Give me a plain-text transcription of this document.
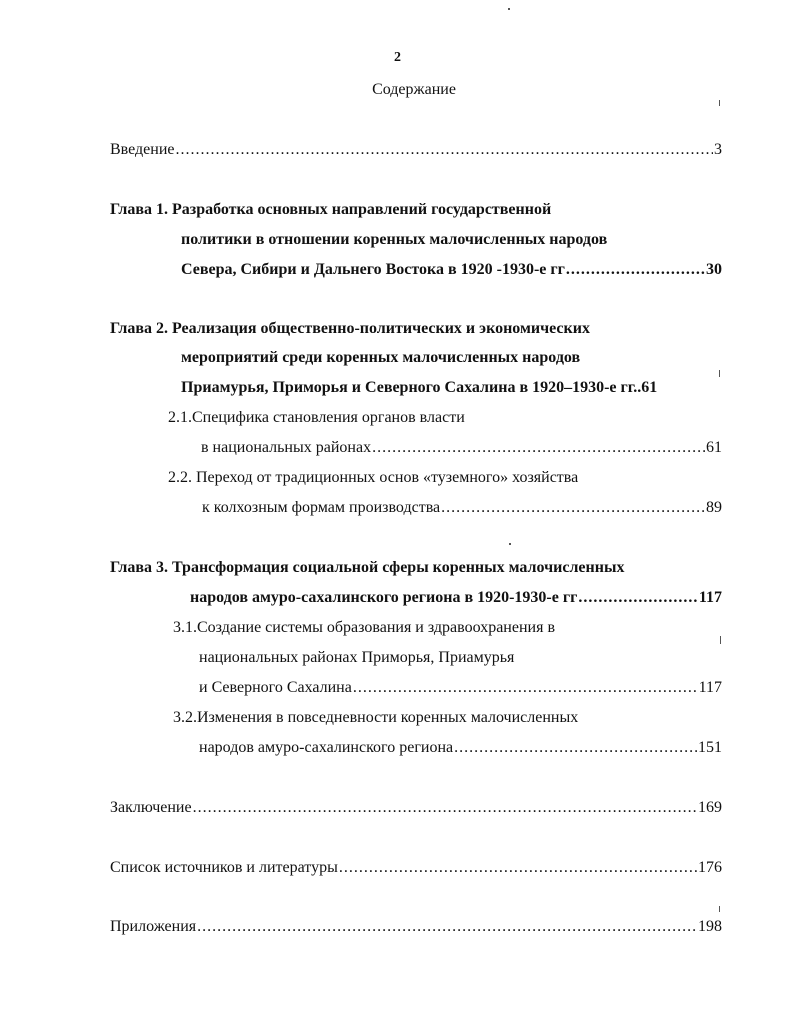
2
Содержание
Введение .....	3
Глава 1. Разработка основных направлений государственной
политики в отношении коренных малочисленных народов
Севера, Сибири и Дальнего Востока в 1920 -1930-е гг .....	30
Глава 2. Реализация общественно-политических и экономических
мероприятий среди коренных малочисленных народов
Приамурья, Приморья и Северного Сахалина в 1920–1930-е гг.. 61
2.1.Специфика становления органов власти
в национальных районах .....	61
2.2. Переход от традиционных основ «туземного» хозяйства
к колхозным формам производства .....	89
Глава 3. Трансформация социальной сферы коренных малочисленных
народов амуро-сахалинского региона в 1920-1930-е гг .....	117
3.1.Создание системы образования и здравоохранения в
национальных районах Приморья, Приамурья
и Северного Сахалина .....	117
3.2.Изменения в повседневности коренных малочисленных
народов амуро-сахалинского региона .....	151
Заключение .....	169
Список источников и литературы .....	176
Приложения .....	198
